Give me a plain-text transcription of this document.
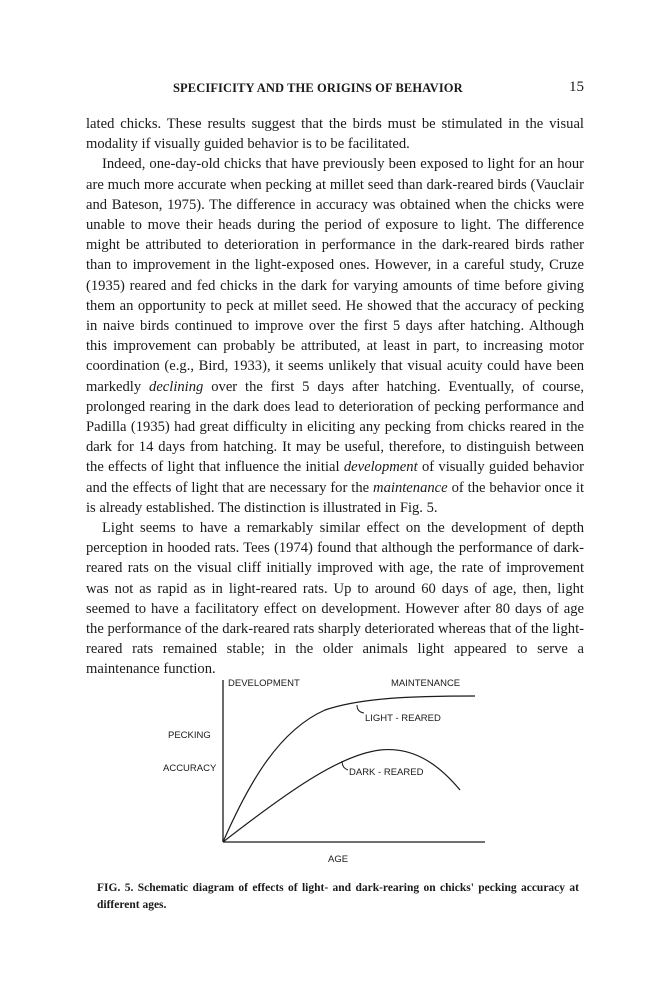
SPECIFICITY AND THE ORIGINS OF BEHAVIOR	15

lated chicks. These results suggest that the birds must be stimulated in the visual modality if visually guided behavior is to be facilitated.

Indeed, one-day-old chicks that have previously been exposed to light for an hour are much more accurate when pecking at millet seed than dark-reared birds (Vauclair and Bateson, 1975). The difference in accuracy was obtained when the chicks were unable to move their heads during the period of exposure to light. The difference might be attributed to deterioration in performance in the dark-reared birds rather than to improvement in the light-exposed ones. However, in a careful study, Cruze (1935) reared and fed chicks in the dark for varying amounts of time before giving them an opportunity to peck at millet seed. He showed that the accuracy of pecking in naive birds continued to improve over the first 5 days after hatching. Although this improvement can probably be attributed, at least in part, to increasing motor coordination (e.g., Bird, 1933), it seems unlikely that visual acuity could have been markedly declining over the first 5 days after hatching. Eventually, of course, prolonged rearing in the dark does lead to deterioration of pecking performance and Padilla (1935) had great difficulty in eliciting any pecking from chicks reared in the dark for 14 days from hatching. It may be useful, therefore, to distinguish between the effects of light that influence the initial development of visually guided behavior and the effects of light that are necessary for the maintenance of the behavior once it is already established. The distinction is illustrated in Fig. 5.

Light seems to have a remarkably similar effect on the development of depth perception in hooded rats. Tees (1974) found that although the performance of dark-reared rats on the visual cliff initially improved with age, the rate of improvement was not as rapid as in light-reared rats. Up to around 60 days of age, then, light seemed to have a facilitatory effect on development. However after 80 days of age the performance of the dark-reared rats sharply deteriorated whereas that of the light-reared rats remained stable; in the older animals light appeared to serve a maintenance function.

DEVELOPMENT	MAINTENANCE
LIGHT - REARED
DARK - REARED
PECKING
ACCURACY
AGE
FIG. 5. Schematic diagram of effects of light- and dark-rearing on chicks' pecking accuracy at different ages.
